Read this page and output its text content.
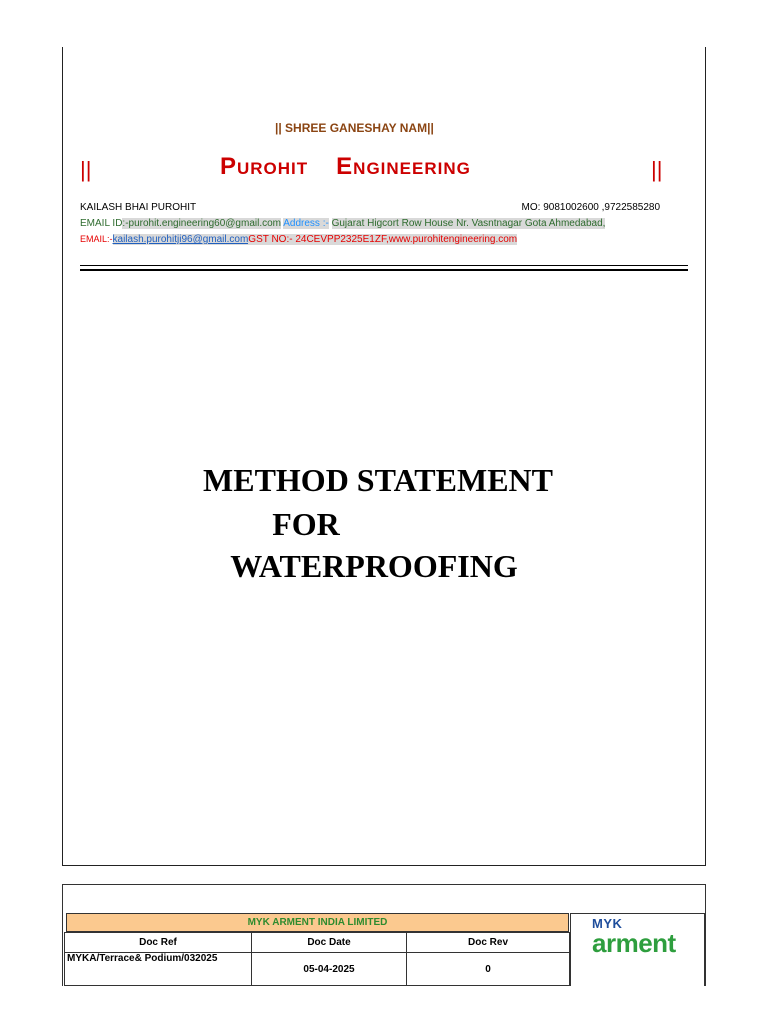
|| SHREE GANESHAY NAM||
||	Purohit Engineering	||
KAILASH BHAI PUROHIT	MO: 9081002600 ,9722585280
EMAIL ID:-purohit.engineering60@gmail.com Address :- Gujarat Higcort Row House Nr. Vasntnagar Gota Ahmedabad,
EMAIL:-kailash.purohitji96@gmail.comGST NO:- 24CEVPP2325E1ZF,www.purohitengineering.com
METHOD STATEMENT
FOR
WATERPROOFING
MYK ARMENT INDIA LIMITED
Doc Ref	Doc Date	Doc Rev
MYKA/Terrace& Podium/032025	05-04-2025	0
MYK
arment
